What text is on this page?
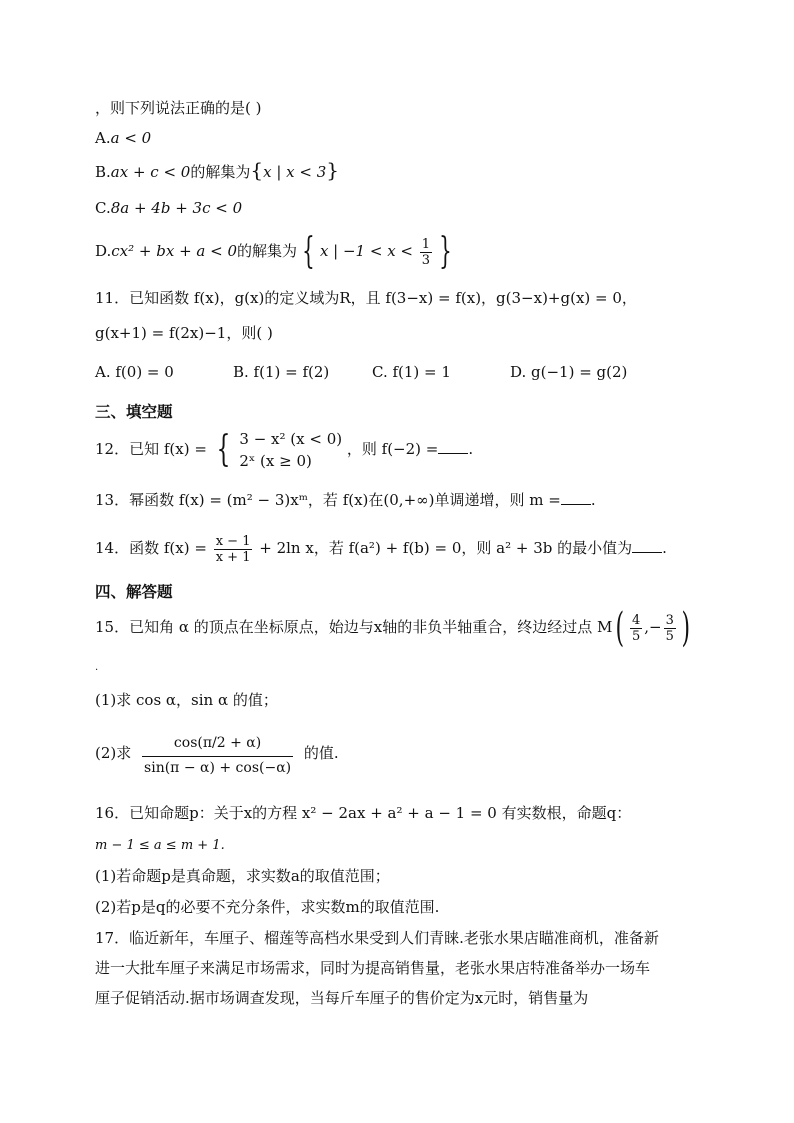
，则下列说法正确的是( )
A.a < 0
B.ax + c < 0的解集为{x | x < 3}
C.8a + 4b + 3c < 0
D.cx² + bx + a < 0的解集为 { x | $-1 < x < \frac{1}{3}$ }
11．已知函数 f(x)，g(x)的定义域为R，且 f(3−x) = f(x)，g(3−x)+g(x) = 0，
g(x+1) = f(2x)−1，则( )
A. f(0) = 0	B. f(1) = f(2)	C. f(1) = 1	D. g(−1) = g(2)
三、填空题
12．已知 f(x) = { 3 − x² (x < 0)
2ˣ (x ≥ 0)
，则 f(−2) = .
13．幂函数 f(x) = (m² − 3)xᵐ，若 f(x)在(0,+∞)单调递增，则 m = .
14．函数 $f(x) = \frac{x - 1}{x + 1} + 2\ln$ x，若 f(a²) + f(b) = 0，则 a² + 3b 的最小值为 .
四、解答题
15．已知角 α 的顶点在坐标原点，始边与x轴的非负半轴重合，终边经过点 $M( \frac{4}{5}$ ,− $\frac{3}{5}$ )
.
(1)求 cos α，sin α 的值；
(2)求 $\frac{\cos(\pi/2 + \alpha)}{\sin(\pi - \alpha) + \cos(-\alpha)}$ 的值.
16．已知命题p：关于x的方程 x² − 2ax + a² + a − 1 = 0 有实数根，命题q：
m − 1 ≤ a ≤ m + 1.
(1)若命题p是真命题，求实数a的取值范围；
(2)若p是q的必要不充分条件，求实数m的取值范围.
17．临近新年，车厘子、榴莲等高档水果受到人们青睐.老张水果店瞄准商机，准备新
进一大批车厘子来满足市场需求，同时为提高销售量，老张水果店特准备举办一场车
厘子促销活动.据市场调查发现，当每斤车厘子的售价定为x元时，销售量为
